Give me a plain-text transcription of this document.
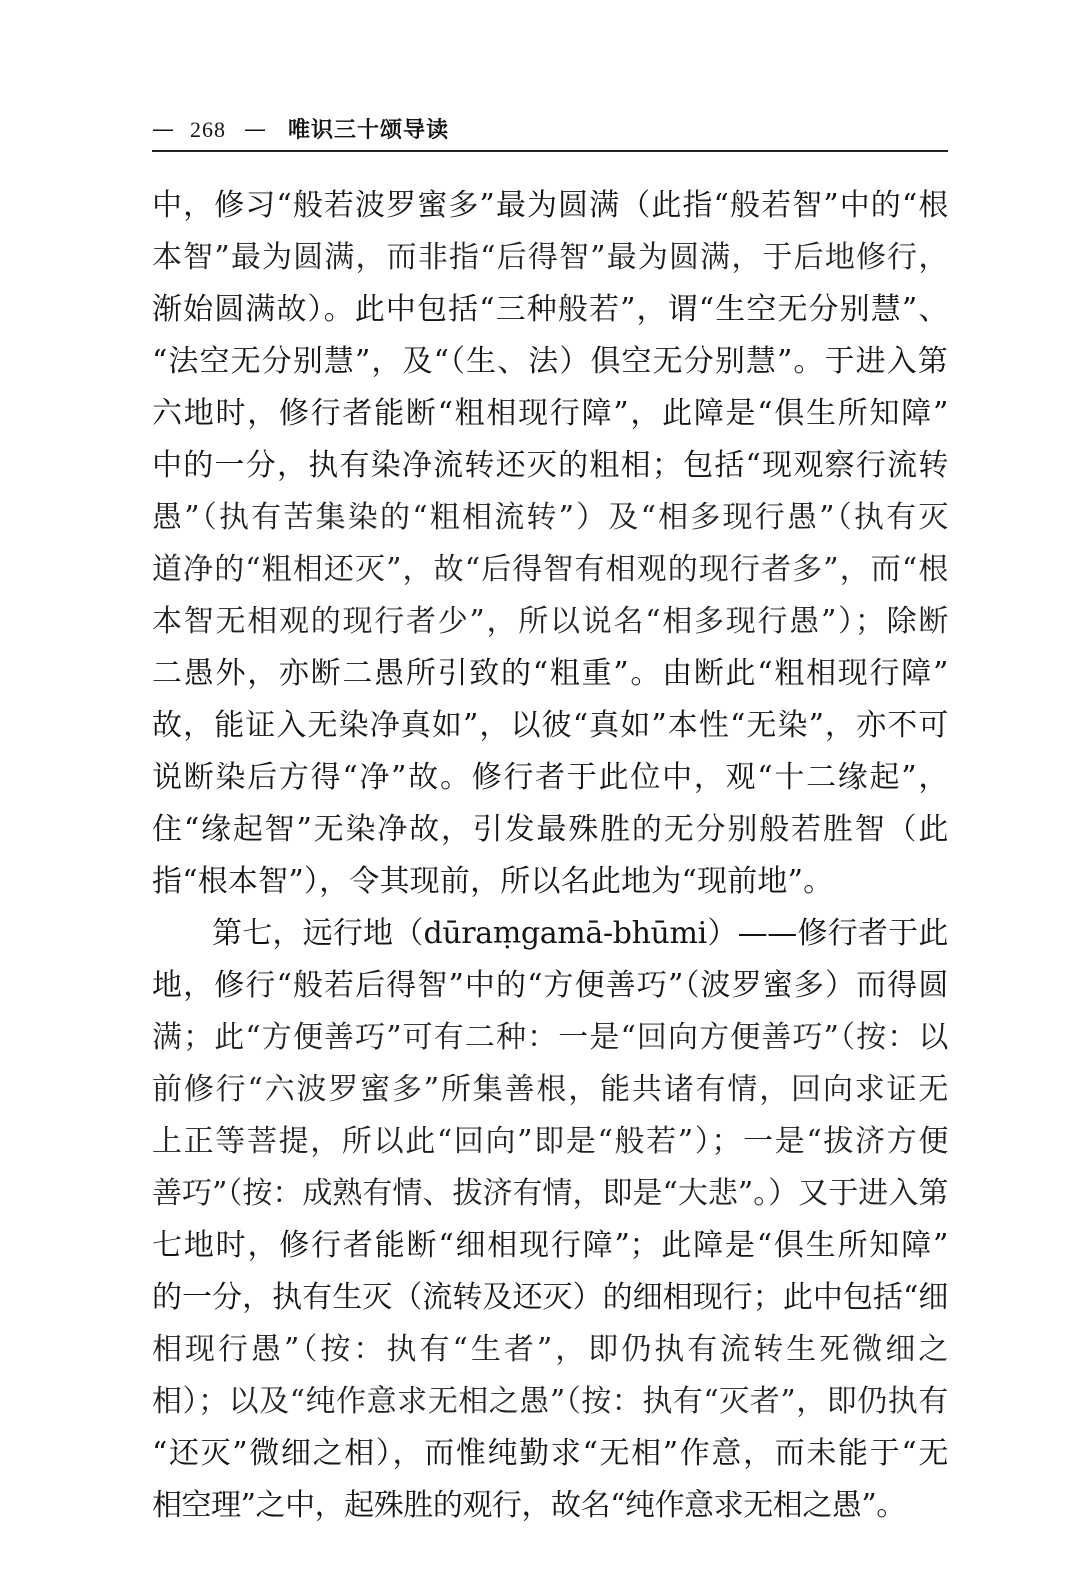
— 268 — 唯识三十颂导读
中，修习“般若波罗蜜多”最为圆满（此指“般若智”中的“根
本智”最为圆满，而非指“后得智”最为圆满，于后地修行，
渐始圆满故）。此中包括“三种般若”，谓“生空无分别慧”、
“法空无分别慧”，及“（生、法）俱空无分别慧”。于进入第
六地时，修行者能断“粗相现行障”，此障是“俱生所知障”
中的一分，执有染净流转还灭的粗相；包括“现观察行流转
愚”（执有苦集染的“粗相流转”）及“相多现行愚”（执有灭
道净的“粗相还灭”，故“后得智有相观的现行者多”，而“根
本智无相观的现行者少”，所以说名“相多现行愚”）；除断
二愚外，亦断二愚所引致的“粗重”。由断此“粗相现行障”
故，能证入无染净真如”，以彼“真如”本性“无染”，亦不可
说断染后方得“净”故。修行者于此位中，观“十二缘起”，
住“缘起智”无染净故，引发最殊胜的无分别般若胜智（此
指“根本智”），令其现前，所以名此地为“现前地”。
第七，远行地（dūraṃgamā-bhūmi）——修行者于此
地，修行“般若后得智”中的“方便善巧”（波罗蜜多）而得圆
满；此“方便善巧”可有二种：一是“回向方便善巧”（按：以
前修行“六波罗蜜多”所集善根，能共诸有情，回向求证无
上正等菩提，所以此“回向”即是“般若”）；一是“拔济方便
善巧”（按：成熟有情、拔济有情，即是“大悲”。）又于进入第
七地时，修行者能断“细相现行障”；此障是“俱生所知障”
的一分，执有生灭（流转及还灭）的细相现行；此中包括“细
相现行愚”（按：执有“生者”，即仍执有流转生死微细之
相）；以及“纯作意求无相之愚”（按：执有“灭者”，即仍执有
“还灭”微细之相），而惟纯勤求“无相”作意，而未能于“无
相空理”之中，起殊胜的观行，故名“纯作意求无相之愚”。
